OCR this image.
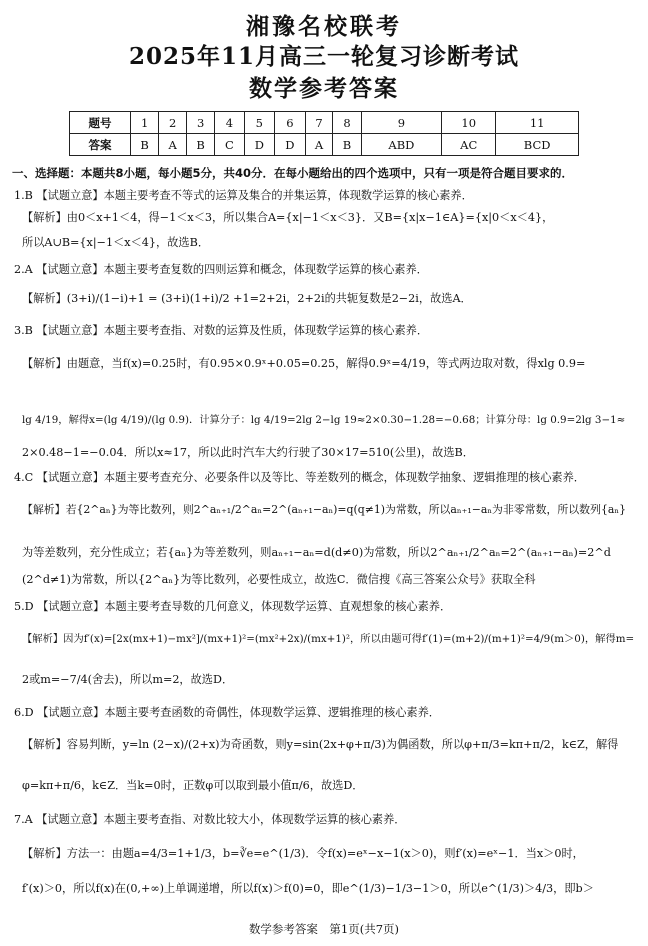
湘豫名校联考
2025年11月高三一轮复习诊断考试
数学参考答案
题号	1	2	3	4	5	6	7	8	9	10	11
答案	B	A	B	C	D	D	A	B	ABD	AC	BCD
一、选择题：本题共8小题，每小题5分，共40分．在每小题给出的四个选项中，只有一项是符合题目要求的．
1.B 【试题立意】本题主要考查不等式的运算及集合的并集运算，体现数学运算的核心素养．
【解析】由0＜x+1＜4，得−1＜x＜3，所以集合A={x|−1＜x＜3}．又B={x|x−1∈A}={x|0＜x＜4}，
所以A∪B={x|−1＜x＜4}，故选B．
2.A 【试题立意】本题主要考查复数的四则运算和概念，体现数学运算的核心素养．
【解析】(3+i)/(1−i)+1 = (3+i)(1+i)/2 +1=2+2i，2+2i的共轭复数是2−2i，故选A．
3.B 【试题立意】本题主要考查指、对数的运算及性质，体现数学运算的核心素养．
【解析】由题意，当f(x)=0.25时，有0.95×0.9ˣ+0.05=0.25，解得0.9ˣ=4/19，等式两边取对数，得xlg 0.9=
lg 4/19，解得x=(lg 4/19)/(lg 0.9)．计算分子：lg 4/19=2lg 2−lg 19≈2×0.30−1.28=−0.68；计算分母：lg 0.9=2lg 3−1≈
2×0.48−1=−0.04．所以x≈17，所以此时汽车大约行驶了30×17=510(公里)，故选B．
4.C 【试题立意】本题主要考查充分、必要条件以及等比、等差数列的概念，体现数学抽象、逻辑推理的核心素养．
【解析】若{2^aₙ}为等比数列，则2^aₙ₊₁/2^aₙ=2^(aₙ₊₁−aₙ)=q(q≠1)为常数，所以aₙ₊₁−aₙ为非零常数，所以数列{aₙ}
为等差数列，充分性成立；若{aₙ}为等差数列，则aₙ₊₁−aₙ=d(d≠0)为常数，所以2^aₙ₊₁/2^aₙ=2^(aₙ₊₁−aₙ)=2^d
(2^d≠1)为常数，所以{2^aₙ}为等比数列，必要性成立，故选C．微信搜《高三答案公众号》获取全科
5.D 【试题立意】本题主要考查导数的几何意义，体现数学运算、直观想象的核心素养．
【解析】因为f′(x)=[2x(mx+1)−mx²]/(mx+1)²=(mx²+2x)/(mx+1)²，所以由题可得f′(1)=(m+2)/(m+1)²=4/9(m＞0)，解得m=
2或m=−7/4(舍去)，所以m=2，故选D．
6.D 【试题立意】本题主要考查函数的奇偶性，体现数学运算、逻辑推理的核心素养．
【解析】容易判断，y=ln (2−x)/(2+x)为奇函数，则y=sin(2x+φ+π/3)为偶函数，所以φ+π/3=kπ+π/2，k∈Z，解得
φ=kπ+π/6，k∈Z．当k=0时，正数φ可以取到最小值π/6，故选D．
7.A 【试题立意】本题主要考查指、对数比较大小，体现数学运算的核心素养．
【解析】方法一：由题a=4/3=1+1/3，b=∛e=e^(1/3)．令f(x)=eˣ−x−1(x＞0)，则f′(x)=eˣ−1．当x＞0时，
f′(x)＞0，所以f(x)在(0,+∞)上单调递增，所以f(x)＞f(0)=0，即e^(1/3)−1/3−1＞0，所以e^(1/3)＞4/3，即b＞
数学参考答案　第1页(共7页)
